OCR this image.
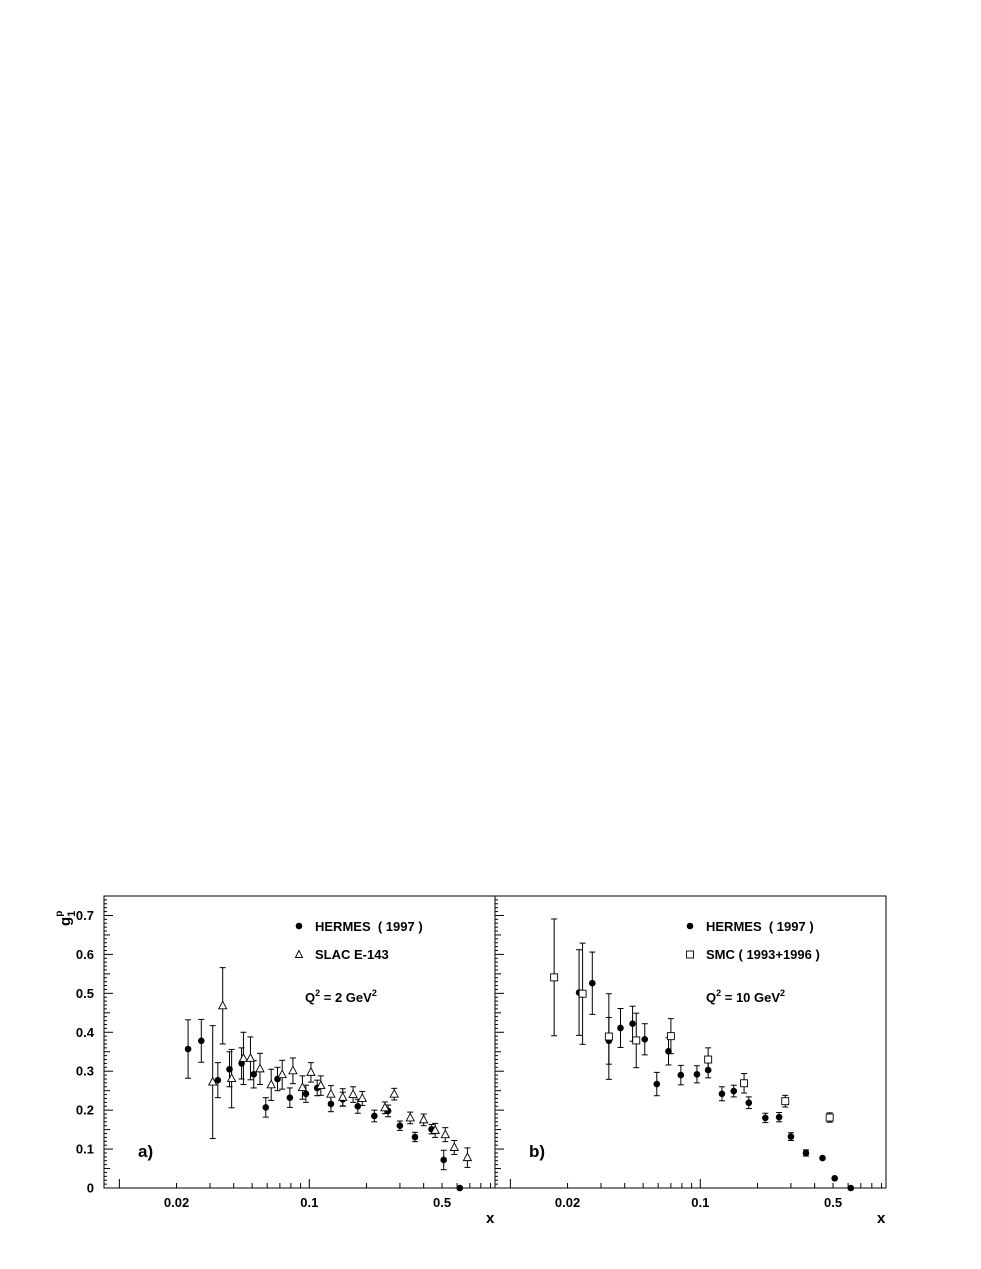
$g_1p$
0.02	0.1	0.5
0
0.1
0.2
0.3
0.4
0.5
0.6
0.7
a)
x
$Q^2 = 2$ GeV$^2$
HERMES  ( 1997 )
SLAC E-143
0.02	0.1	0.5
b)
x
$Q^2 = 10$ GeV$^2$
HERMES  ( 1997 )
SMC ( 1993+1996 )
